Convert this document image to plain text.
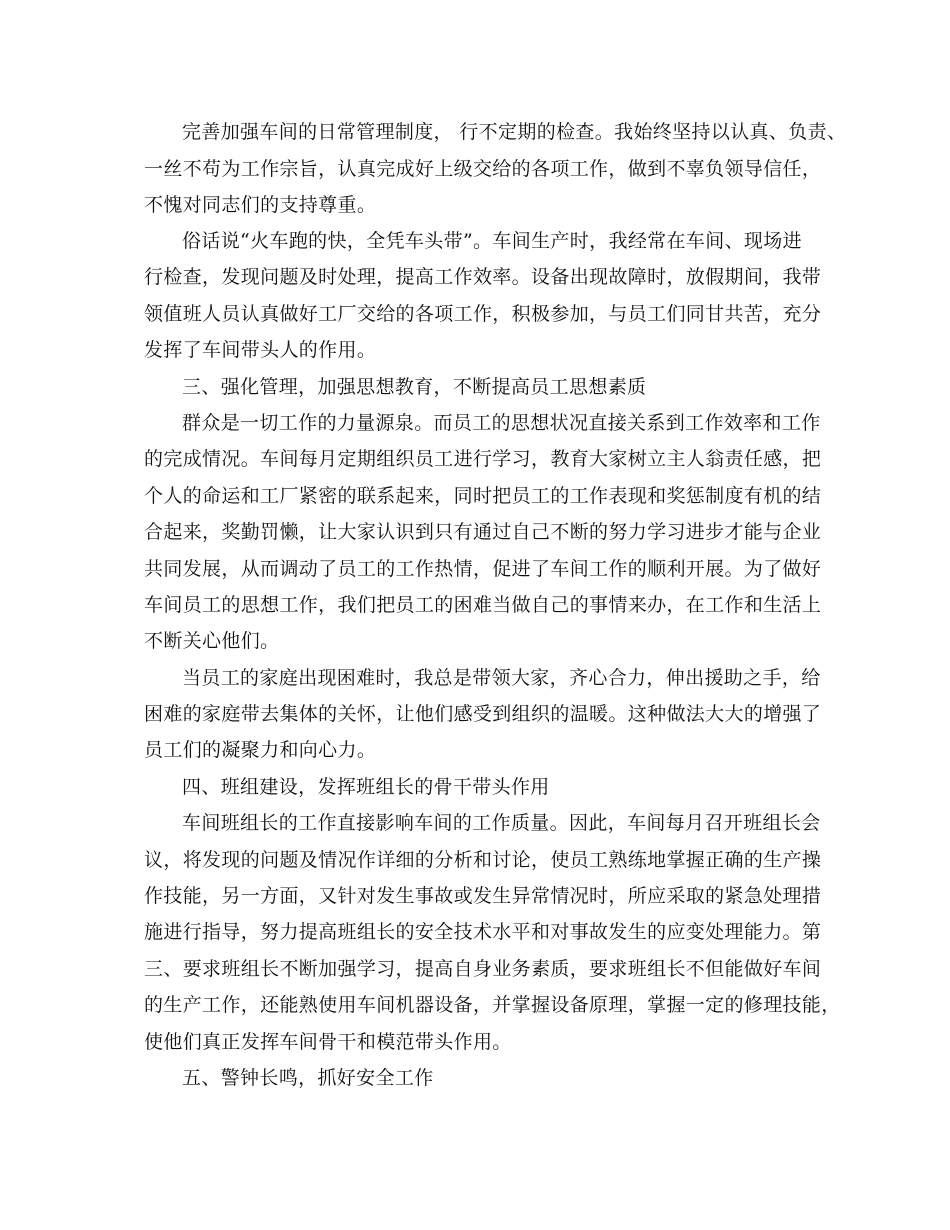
完善加强车间的日常管理制度， 行不定期的检查。我始终坚持以认真、负责、
一丝不苟为工作宗旨，认真完成好上级交给的各项工作，做到不辜负领导信任，
不愧对同志们的支持尊重。
俗话说“火车跑的快，全凭车头带”。车间生产时，我经常在车间、现场进
行检查，发现问题及时处理，提高工作效率。设备出现故障时，放假期间，我带
领值班人员认真做好工厂交给的各项工作，积极参加，与员工们同甘共苦，充分
发挥了车间带头人的作用。
三、强化管理，加强思想教育，不断提高员工思想素质
群众是一切工作的力量源泉。而员工的思想状况直接关系到工作效率和工作
的完成情况。车间每月定期组织员工进行学习，教育大家树立主人翁责任感，把
个人的命运和工厂紧密的联系起来，同时把员工的工作表现和奖惩制度有机的结
合起来，奖勤罚懒，让大家认识到只有通过自己不断的努力学习进步才能与企业
共同发展，从而调动了员工的工作热情，促进了车间工作的顺利开展。为了做好
车间员工的思想工作，我们把员工的困难当做自己的事情来办，在工作和生活上
不断关心他们。
当员工的家庭出现困难时，我总是带领大家，齐心合力，伸出援助之手，给
困难的家庭带去集体的关怀，让他们感受到组织的温暖。这种做法大大的增强了
员工们的凝聚力和向心力。
四、班组建设，发挥班组长的骨干带头作用
车间班组长的工作直接影响车间的工作质量。因此，车间每月召开班组长会
议，将发现的问题及情况作详细的分析和讨论，使员工熟练地掌握正确的生产操
作技能，另一方面，又针对发生事故或发生异常情况时，所应采取的紧急处理措
施进行指导，努力提高班组长的安全技术水平和对事故发生的应变处理能力。第
三、要求班组长不断加强学习，提高自身业务素质，要求班组长不但能做好车间
的生产工作，还能熟使用车间机器设备，并掌握设备原理，掌握一定的修理技能，
使他们真正发挥车间骨干和模范带头作用。
五、警钟长鸣，抓好安全工作
